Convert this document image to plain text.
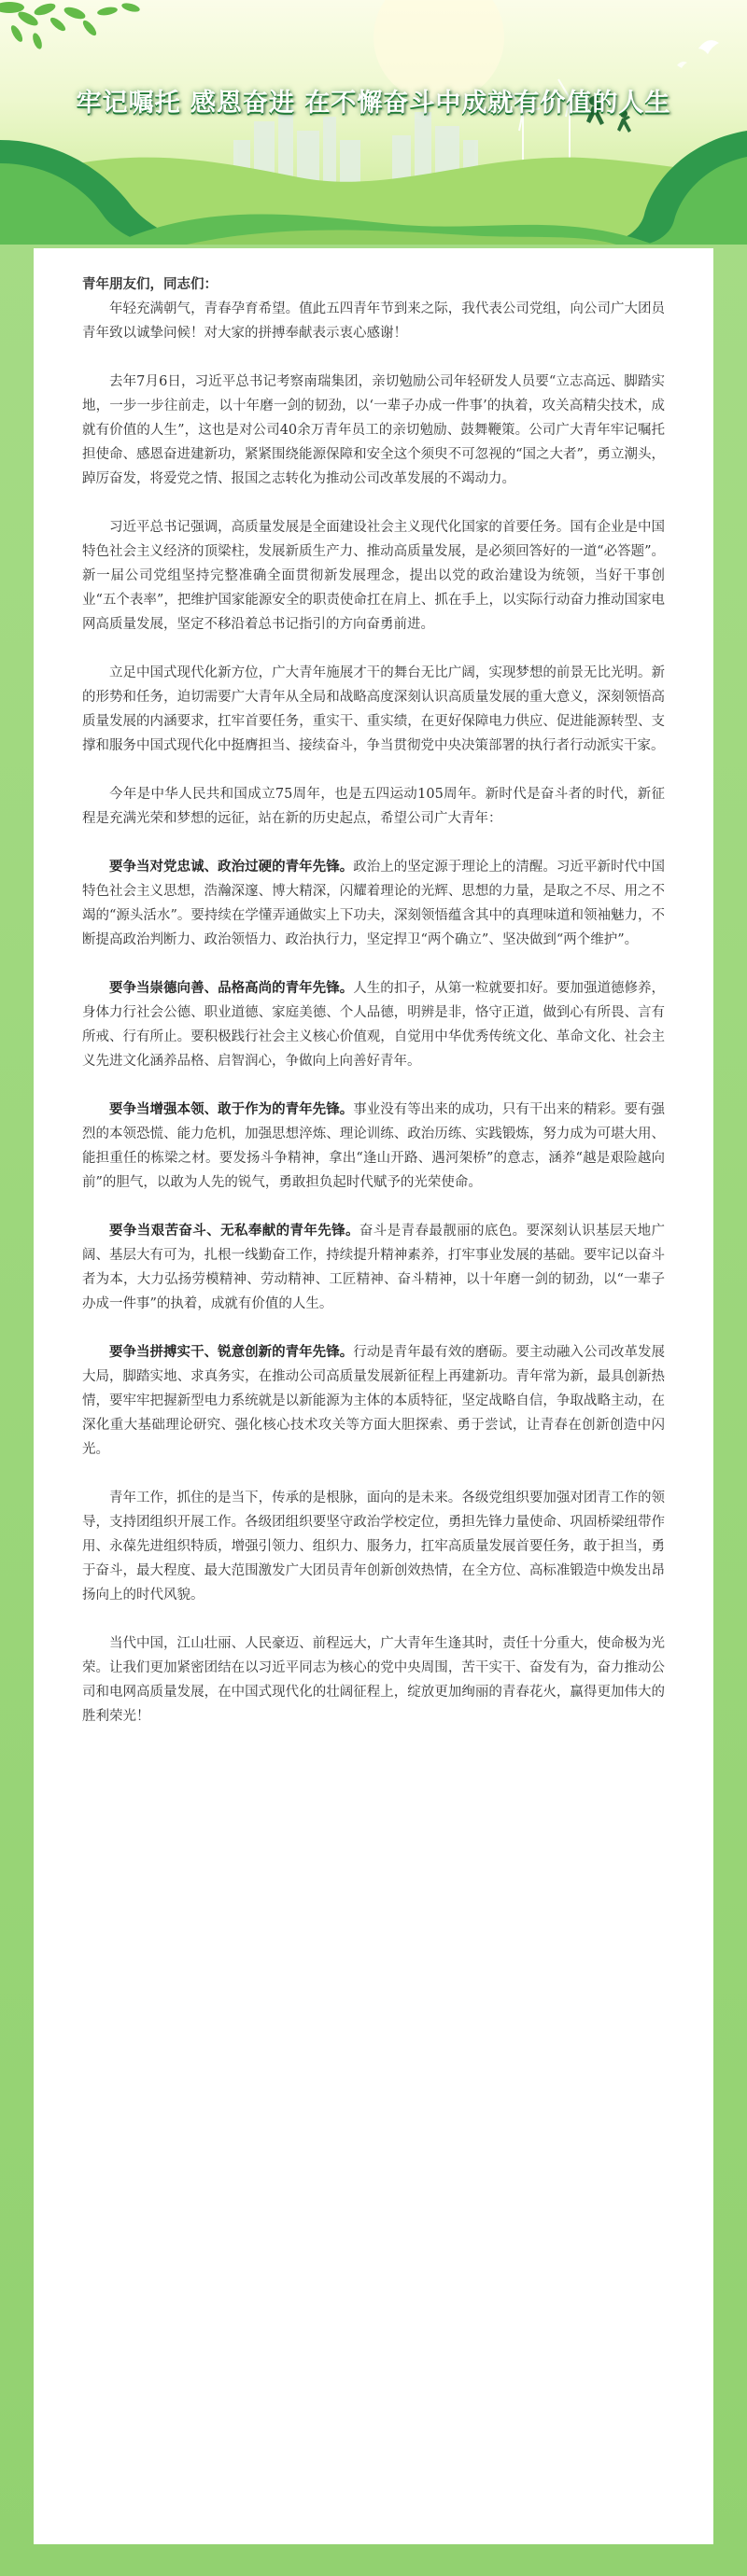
牢记嘱托 感恩奋进 在不懈奋斗中成就有价值的人生

青年朋友们，同志们：

年轻充满朝气，青春孕育希望。值此五四青年节到来之际，我代表公司党组，向公司广大团员青年致以诚挚问候！对大家的拼搏奉献表示衷心感谢！

去年7月6日，习近平总书记考察南瑞集团，亲切勉励公司年轻研发人员要“立志高远、脚踏实地，一步一步往前走，以十年磨一剑的韧劲，以‘一辈子办成一件事’的执着，攻关高精尖技术，成就有价值的人生”，这也是对公司40余万青年员工的亲切勉励、鼓舞鞭策。公司广大青年牢记嘱托担使命、感恩奋进建新功，紧紧围绕能源保障和安全这个须臾不可忽视的“国之大者”，勇立潮头，踔厉奋发，将爱党之情、报国之志转化为推动公司改革发展的不竭动力。

习近平总书记强调，高质量发展是全面建设社会主义现代化国家的首要任务。国有企业是中国特色社会主义经济的顶梁柱，发展新质生产力、推动高质量发展，是必须回答好的一道“必答题”。新一届公司党组坚持完整准确全面贯彻新发展理念，提出以党的政治建设为统领，当好干事创业“五个表率”，把维护国家能源安全的职责使命扛在肩上、抓在手上，以实际行动奋力推动国家电网高质量发展，坚定不移沿着总书记指引的方向奋勇前进。

立足中国式现代化新方位，广大青年施展才干的舞台无比广阔，实现梦想的前景无比光明。新的形势和任务，迫切需要广大青年从全局和战略高度深刻认识高质量发展的重大意义，深刻领悟高质量发展的内涵要求，扛牢首要任务，重实干、重实绩，在更好保障电力供应、促进能源转型、支撑和服务中国式现代化中挺膺担当、接续奋斗，争当贯彻党中央决策部署的执行者行动派实干家。

今年是中华人民共和国成立75周年，也是五四运动105周年。新时代是奋斗者的时代，新征程是充满光荣和梦想的远征，站在新的历史起点，希望公司广大青年：

要争当对党忠诚、政治过硬的青年先锋。政治上的坚定源于理论上的清醒。习近平新时代中国特色社会主义思想，浩瀚深邃、博大精深，闪耀着理论的光辉、思想的力量，是取之不尽、用之不竭的“源头活水”。要持续在学懂弄通做实上下功夫，深刻领悟蕴含其中的真理味道和领袖魅力，不断提高政治判断力、政治领悟力、政治执行力，坚定捍卫“两个确立”、坚决做到“两个维护”。

要争当崇德向善、品格高尚的青年先锋。人生的扣子，从第一粒就要扣好。要加强道德修养，身体力行社会公德、职业道德、家庭美德、个人品德，明辨是非，恪守正道，做到心有所畏、言有所戒、行有所止。要积极践行社会主义核心价值观，自觉用中华优秀传统文化、革命文化、社会主义先进文化涵养品格、启智润心，争做向上向善好青年。

要争当增强本领、敢于作为的青年先锋。事业没有等出来的成功，只有干出来的精彩。要有强烈的本领恐慌、能力危机，加强思想淬炼、理论训练、政治历练、实践锻炼，努力成为可堪大用、能担重任的栋梁之材。要发扬斗争精神，拿出“逢山开路、遇河架桥”的意志，涵养“越是艰险越向前”的胆气，以敢为人先的锐气，勇敢担负起时代赋予的光荣使命。

要争当艰苦奋斗、无私奉献的青年先锋。奋斗是青春最靓丽的底色。要深刻认识基层天地广阔、基层大有可为，扎根一线勤奋工作，持续提升精神素养，打牢事业发展的基础。要牢记以奋斗者为本，大力弘扬劳模精神、劳动精神、工匠精神、奋斗精神，以十年磨一剑的韧劲，以“一辈子办成一件事”的执着，成就有价值的人生。

要争当拼搏实干、锐意创新的青年先锋。行动是青年最有效的磨砺。要主动融入公司改革发展大局，脚踏实地、求真务实，在推动公司高质量发展新征程上再建新功。青年常为新，最具创新热情，要牢牢把握新型电力系统就是以新能源为主体的本质特征，坚定战略自信，争取战略主动，在深化重大基础理论研究、强化核心技术攻关等方面大胆探索、勇于尝试，让青春在创新创造中闪光。

青年工作，抓住的是当下，传承的是根脉，面向的是未来。各级党组织要加强对团青工作的领导，支持团组织开展工作。各级团组织要坚守政治学校定位，勇担先锋力量使命、巩固桥梁纽带作用、永葆先进组织特质，增强引领力、组织力、服务力，扛牢高质量发展首要任务，敢于担当，勇于奋斗，最大程度、最大范围激发广大团员青年创新创效热情，在全方位、高标准锻造中焕发出昂扬向上的时代风貌。

当代中国，江山壮丽、人民豪迈、前程远大，广大青年生逢其时，责任十分重大，使命极为光荣。让我们更加紧密团结在以习近平同志为核心的党中央周围，苦干实干、奋发有为，奋力推动公司和电网高质量发展，在中国式现代化的壮阔征程上，绽放更加绚丽的青春花火，赢得更加伟大的胜利荣光！
